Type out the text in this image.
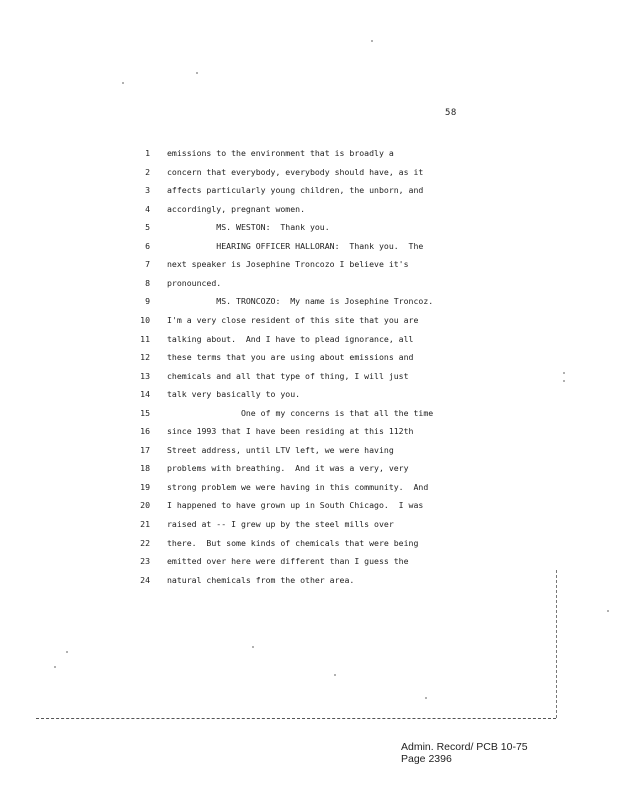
58
1 emissions to the environment that is broadly a
2 concern that everybody, everybody should have, as it
3 affects particularly young children, the unborn, and
4 accordingly, pregnant women.
5 MS. WESTON:  Thank you.
6 HEARING OFFICER HALLORAN:  Thank you.  The
7 next speaker is Josephine Troncozo I believe it's
8 pronounced.
9 MS. TRONCOZO:  My name is Josephine Troncoz.
10 I'm a very close resident of this site that you are
11 talking about.  And I have to plead ignorance, all
12 these terms that you are using about emissions and
13 chemicals and all that type of thing, I will just
14 talk very basically to you.
15 One of my concerns is that all the time
16 since 1993 that I have been residing at this 112th
17 Street address, until LTV left, we were having
18 problems with breathing.  And it was a very, very
19 strong problem we were having in this community.  And
20 I happened to have grown up in South Chicago.  I was
21 raised at -- I grew up by the steel mills over
22 there.  But some kinds of chemicals that were being
23 emitted over here were different than I guess the
24 natural chemicals from the other area.
Admin. Record/ PCB 10-75
Page 2396
